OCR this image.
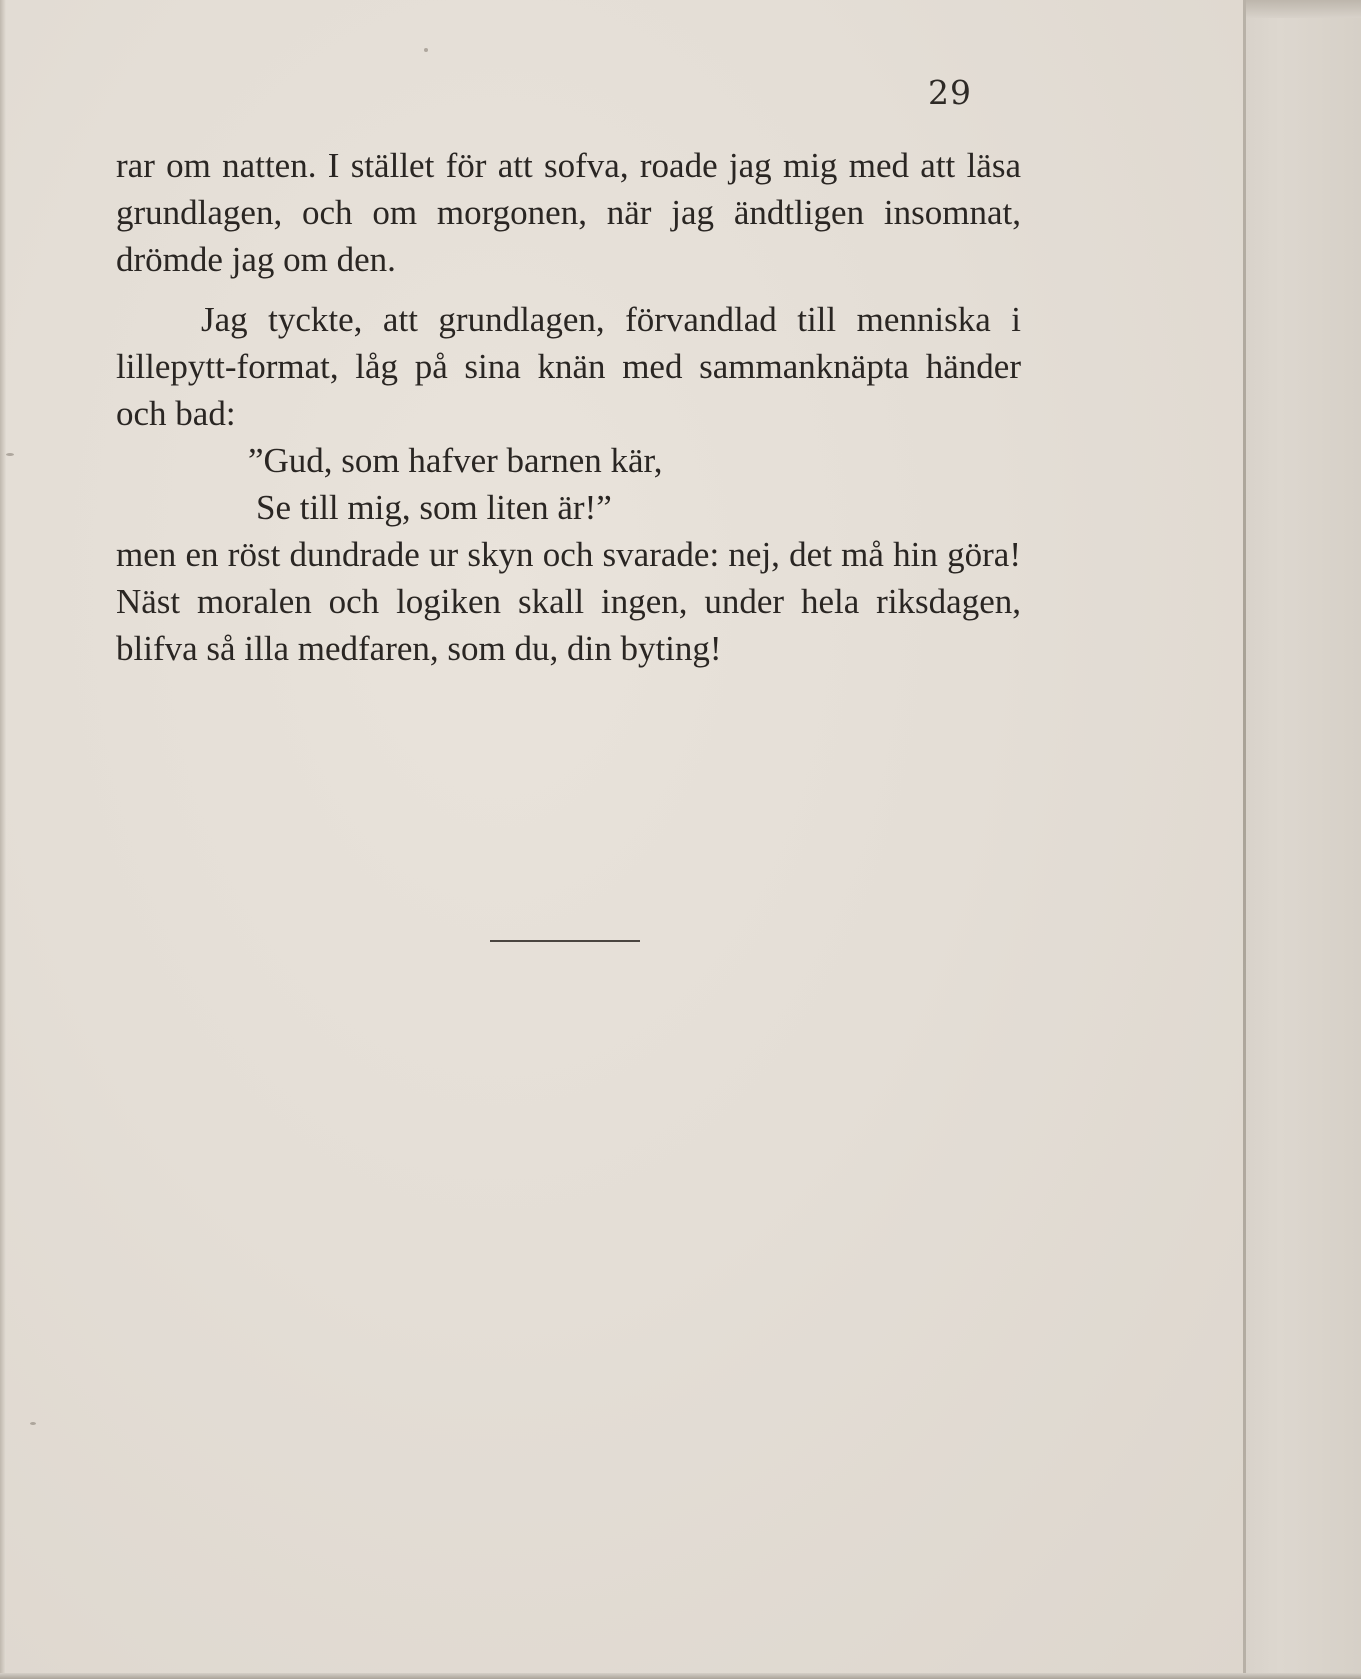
29

rar om natten. I stället för att sofva, roade jag mig med att läsa grundlagen, och om morgonen, när jag ändtligen insomnat, drömde jag om den.

Jag tyckte, att grundlagen, förvandlad till menniska i lillepytt-format, låg på sina knän med sammanknäpta händer och bad:

”Gud, som hafver barnen kär,
Se till mig, som liten är!”

men en röst dundrade ur skyn och svarade: nej, det må hin göra! Näst moralen och logiken skall ingen, under hela riksdagen, blifva så illa medfaren, som du, din byting!
